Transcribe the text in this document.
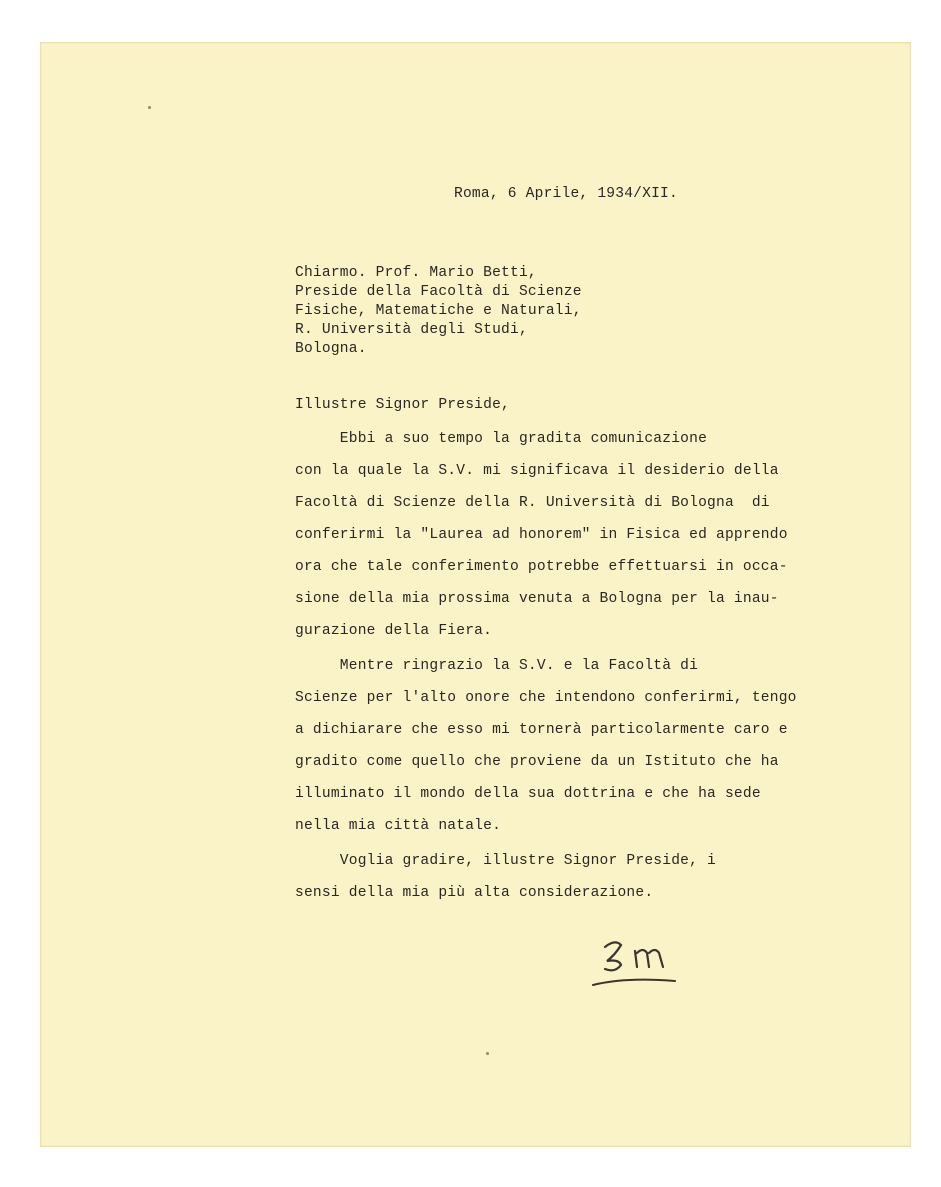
Roma, 6 Aprile, 1934/XII.
Chiarmo. Prof. Mario Betti,
Preside della Facoltà di Scienze
Fisiche, Matematiche e Naturali,
R. Università degli Studi,
Bologna.
Illustre Signor Preside,
Ebbi a suo tempo la gradita comunicazione
con la quale la S.V. mi significava il desiderio della
Facoltà di Scienze della R. Università di Bologna  di
conferirmi la "Laurea ad honorem" in Fisica ed apprendo
ora che tale conferimento potrebbe effettuarsi in occa-
sione della mia prossima venuta a Bologna per la inau-
gurazione della Fiera.
Mentre ringrazio la S.V. e la Facoltà di
Scienze per l'alto onore che intendono conferirmi, tengo
a dichiarare che esso mi tornerà particolarmente caro e
gradito come quello che proviene da un Istituto che ha
illuminato il mondo della sua dottrina e che ha sede
nella mia città natale.
Voglia gradire, illustre Signor Preside, i
sensi della mia più alta considerazione.
